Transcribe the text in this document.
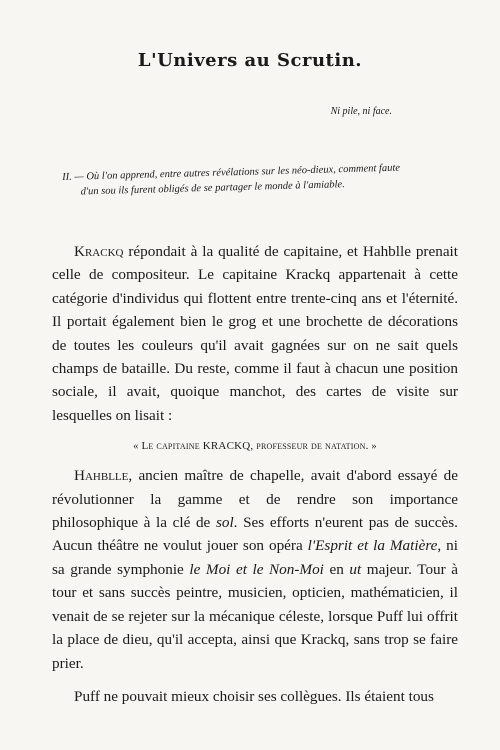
L'Univers au Scrutin.
Ni pile, ni face.
II. — Où l'on apprend, entre autres révélations sur les néo-dieux, comment faute
d'un sou ils furent obligés de se partager le monde à l'amiable.

Krackq répondait à la qualité de capitaine, et Hahblle prenait celle de compositeur. Le capitaine Krackq appartenait à cette catégorie d'individus qui flottent entre trente-cinq ans et l'éternité. Il portait également bien le grog et une brochette de décorations de toutes les couleurs qu'il avait gagnées sur on ne sait quels champs de bataille. Du reste, comme il faut à chacun une position sociale, il avait, quoique manchot, des cartes de visite sur lesquelles on lisait :

« Le capitaine KRACKQ, professeur de natation. »

Hahblle, ancien maître de chapelle, avait d'abord essayé de révolutionner la gamme et de rendre son importance philosophique à la clé de sol. Ses efforts n'eurent pas de succès. Aucun théâtre ne voulut jouer son opéra l'Esprit et la Matière, ni sa grande symphonie le Moi et le Non-Moi en ut majeur. Tour à tour et sans succès peintre, musicien, opticien, mathématicien, il venait de se rejeter sur la mécanique céleste, lorsque Puff lui offrit la place de dieu, qu'il accepta, ainsi que Krackq, sans trop se faire prier.

Puff ne pouvait mieux choisir ses collègues. Ils étaient tous
